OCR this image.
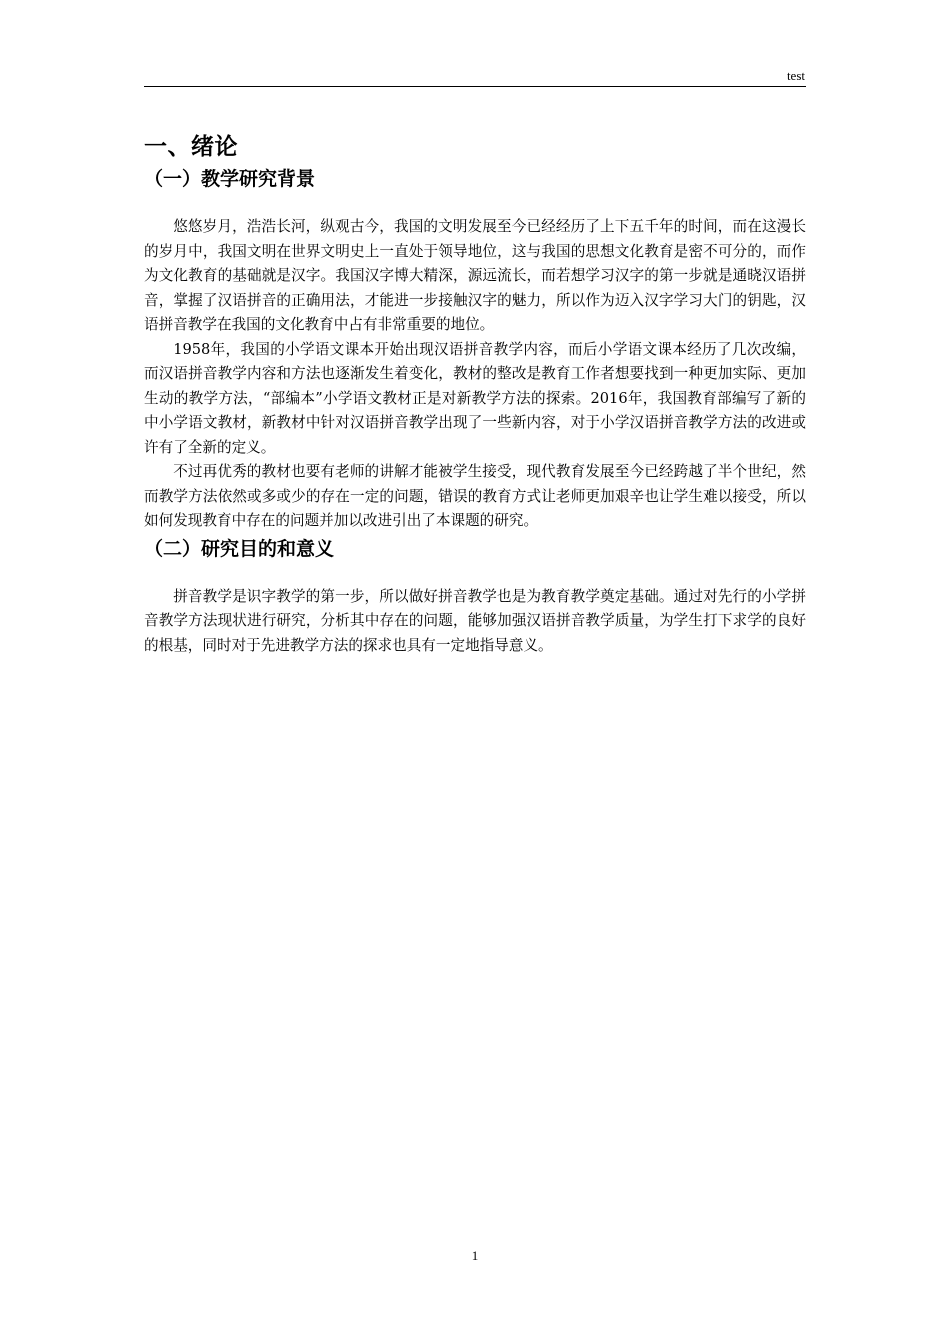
test
一、绪论
（一）教学研究背景

悠悠岁月，浩浩长河，纵观古今，我国的文明发展至今已经经历了上下五千年的时间，而在这漫长的岁月中，我国文明在世界文明史上一直处于领导地位，这与我国的思想文化教育是密不可分的，而作为文化教育的基础就是汉字。我国汉字博大精深，源远流长，而若想学习汉字的第一步就是通晓汉语拼音，掌握了汉语拼音的正确用法，才能进一步接触汉字的魅力，所以作为迈入汉字学习大门的钥匙，汉语拼音教学在我国的文化教育中占有非常重要的地位。

1958年，我国的小学语文课本开始出现汉语拼音教学内容，而后小学语文课本经历了几次改编，而汉语拼音教学内容和方法也逐渐发生着变化，教材的整改是教育工作者想要找到一种更加实际、更加生动的教学方法，“部编本”小学语文教材正是对新教学方法的探索。2016年，我国教育部编写了新的中小学语文教材，新教材中针对汉语拼音教学出现了一些新内容，对于小学汉语拼音教学方法的改进或许有了全新的定义。

不过再优秀的教材也要有老师的讲解才能被学生接受，现代教育发展至今已经跨越了半个世纪，然而教学方法依然或多或少的存在一定的问题，错误的教育方式让老师更加艰辛也让学生难以接受，所以如何发现教育中存在的问题并加以改进引出了本课题的研究。

（二）研究目的和意义

拼音教学是识字教学的第一步，所以做好拼音教学也是为教育教学奠定基础。通过对先行的小学拼音教学方法现状进行研究，分析其中存在的问题，能够加强汉语拼音教学质量，为学生打下求学的良好的根基，同时对于先进教学方法的探求也具有一定地指导意义。

1
